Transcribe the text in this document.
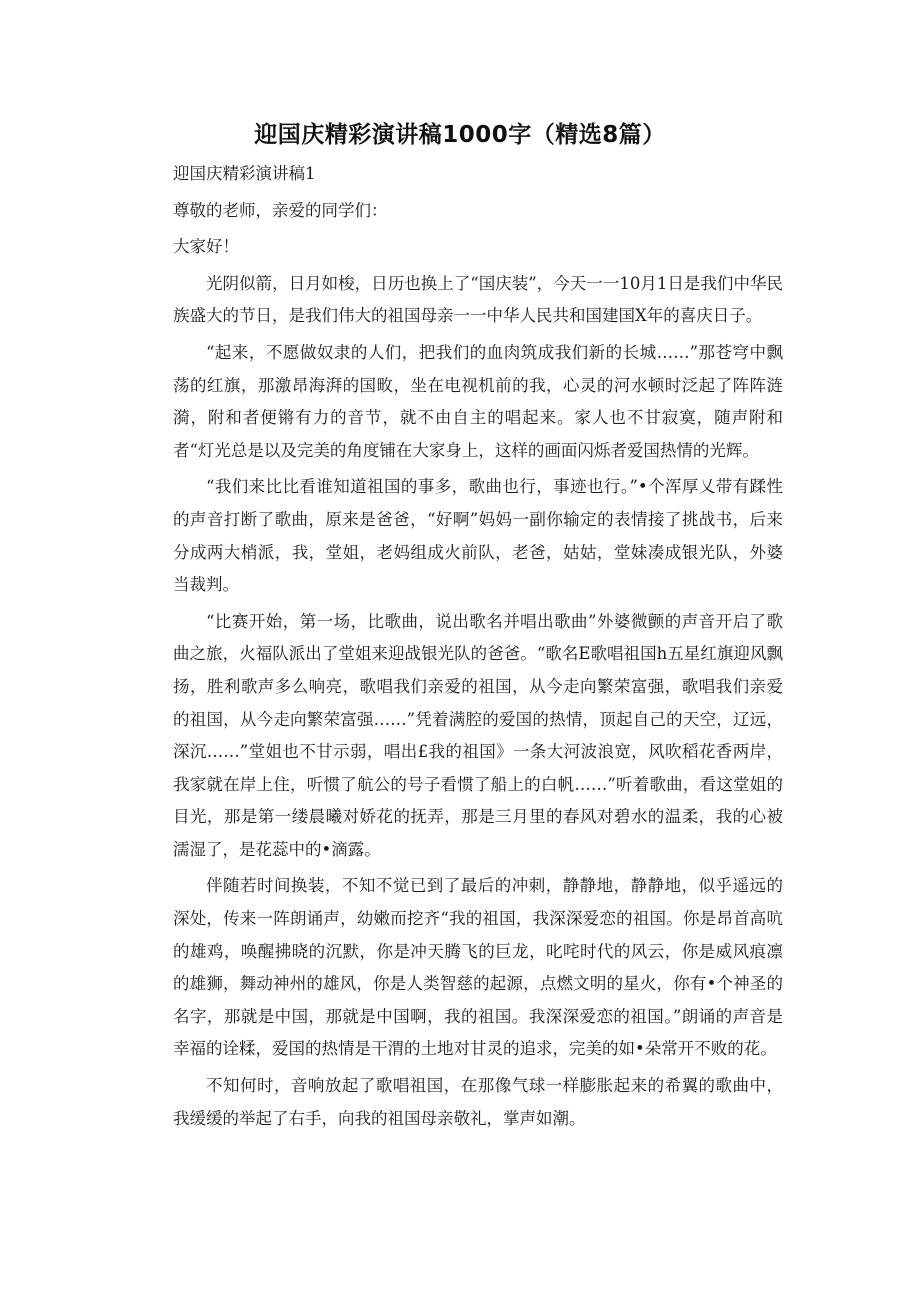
迎国庆精彩演讲稿1000字（精选8篇）

迎国庆精彩演讲稿1

尊敬的老师，亲爱的同学们：

大家好！

光阴似箭，日月如梭，日历也换上了“国庆装”，今天一一10月1日是我们中华民族盛大的节日，是我们伟大的祖国母亲一一中华人民共和国建国X年的喜庆日子。

“起来，不愿做奴隶的人们，把我们的血肉筑成我们新的长城……”那苍穹中飘荡的红旗，那激昂海湃的国畋，坐在电视机前的我，心灵的河水顿时泛起了阵阵涟漪，附和者便锵有力的音节，就不由自主的唱起来。家人也不甘寂寞，随声附和者“灯光总是以及完美的角度铺在大家身上，这样的画面闪烁者爱国热情的光辉。

“我们来比比看谁知道祖国的事多，歌曲也行，事迹也行。”•个浑厚乂带有蹂性的声音打断了歌曲，原来是爸爸，“好啊”妈妈一副你输定的表情接了挑战书，后来分成两大梢派，我，堂姐，老妈组成火前队，老爸，姑姑，堂妹凑成银光队，外婆当裁判。

“比赛开始，第一场，比歌曲，说出歌名并唱出歌曲”外婆微颤的声音开启了歌曲之旅，火福队派出了堂姐来迎战银光队的爸爸。“歌名E歌唱祖国h五星红旗迎风飘扬，胜利歌声多么响亮，歌唱我们亲爱的祖国，从今走向繁荣富强，歌唱我们亲爱的祖国，从今走向繁荣富强……”凭着满腔的爱国的热情，顶起自己的天空，辽远，深沉……”堂姐也不甘示弱，唱出£我的祖国》一条大河波浪宽，风吹稻花香两岸，我家就在岸上住，听惯了航公的号子看惯了船上的白帆……”听着歌曲，看这堂姐的目光，那是第一缕晨曦对娇花的抚弄，那是三月里的春风对碧水的温柔，我的心被濡湿了，是花蕊中的•滴露。

伴随若时间换装，不知不觉已到了最后的冲刺，静静地，静静地，似乎遥远的深处，传来一阵朗诵声，幼嫩而挖齐“我的祖国，我深深爱恋的祖国。你是昂首高吭的雄鸡，唤醒拂晓的沉默，你是冲天腾飞的巨龙，叱咤时代的风云，你是威风痕凛的雄狮，舞动神州的雄风，你是人类智慈的起源，点燃文明的星火，你有•个神圣的名字，那就是中国，那就是中国啊，我的祖国。我深深爱恋的祖国。”朗诵的声音是幸福的诠糅，爱国的热情是干渭的土地对甘灵的追求，完美的如•朵常开不败的花。

不知何时，音响放起了歌唱祖国，在那像气球一样膨胀起来的希翼的歌曲中，我缓缓的举起了右手，向我的祖国母亲敬礼，掌声如潮。
